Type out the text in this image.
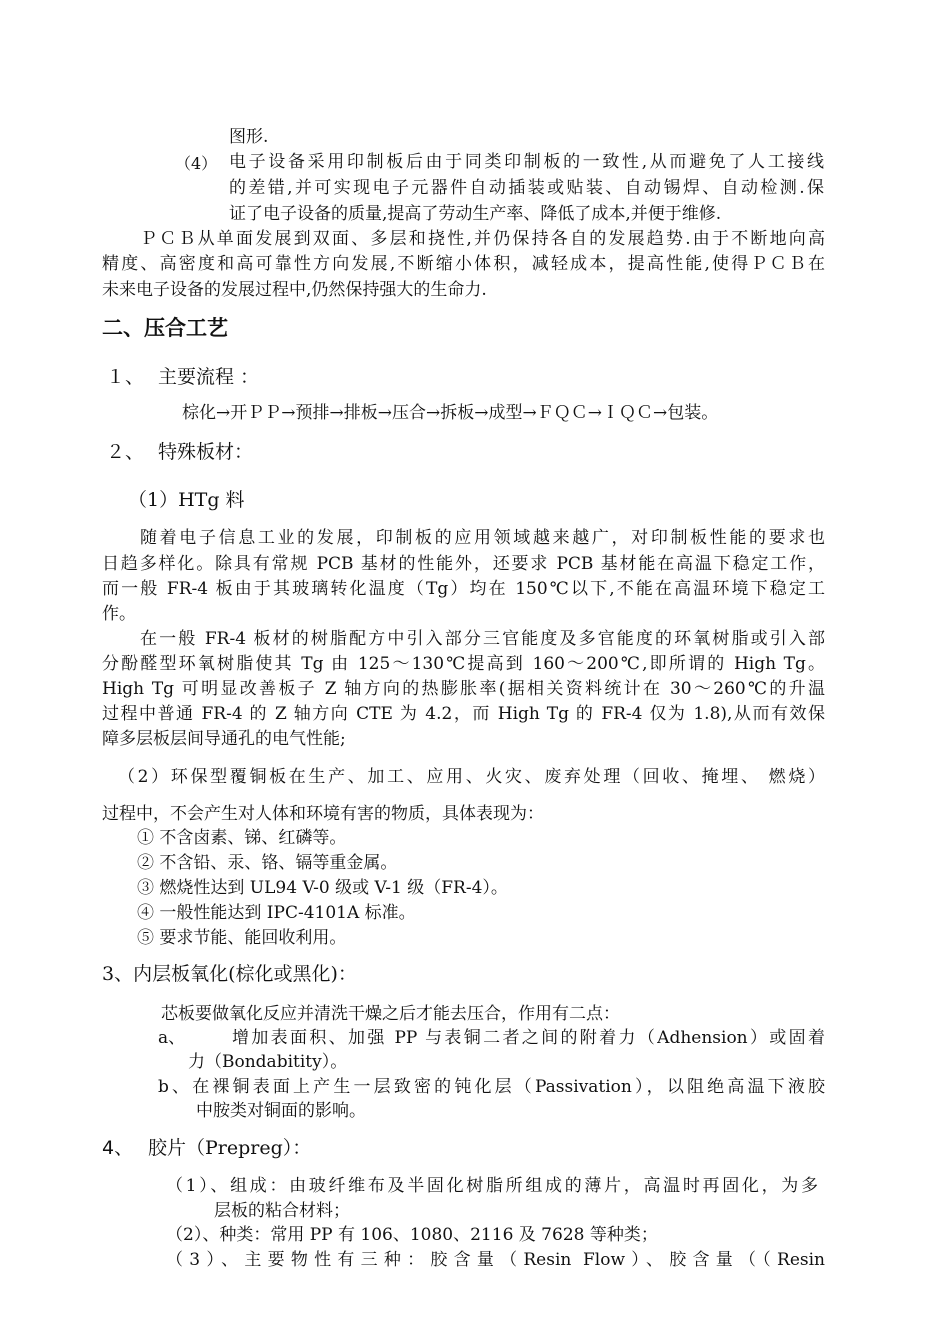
图形.
（4） 电子设备采用印制板后由于同类印制板的一致性,从而避免了人工接线
的差错,并可实现电子元器件自动插装或贴装、自动锡焊、自动检测.保
证了电子设备的质量,提高了劳动生产率、降低了成本,并便于维修.
ＰＣＢ从单面发展到双面、多层和挠性,并仍保持各自的发展趋势.由于不断地向高
精度、高密度和高可靠性方向发展,不断缩小体积，减轻成本，提高性能,使得ＰＣＢ在
未来电子设备的发展过程中,仍然保持强大的生命力.
二、压合工艺
１、 主要流程 ：
棕化→开ＰＰ→预排→排板→压合→拆板→成型→ＦＱＣ→ＩＱＣ→包装。
２、 特殊板材：
（1）HTg 料
随着电子信息工业的发展，印制板的应用领域越来越广，对印制板性能的要求也
日趋多样化。除具有常规 PCB 基材的性能外，还要求 PCB 基材能在高温下稳定工作，
而一般 FR-4 板由于其玻璃转化温度（Tg）均在 150℃以下,不能在高温环境下稳定工
作。
在一般 FR-4 板材的树脂配方中引入部分三官能度及多官能度的环氧树脂或引入部
分酚醛型环氧树脂使其 Tg 由 125～130℃提高到 160～200℃,即所谓的 High Tg。
High Tg 可明显改善板子 Z 轴方向的热膨胀率(据相关资料统计在 30～260℃的升温
过程中普通 FR-4 的 Z 轴方向 CTE 为 4.2，而 High Tg 的 FR-4 仅为 1.8),从而有效保
障多层板层间导通孔的电气性能;
（2）环保型覆铜板在生产、加工、应用、火灾、废弃处理（回收、掩埋、 燃烧）
过程中，不会产生对人体和环境有害的物质，具体表现为：
① 不含卤素、锑、红磷等。
② 不含铅、汞、铬、镉等重金属。
③ 燃烧性达到 UL94 V-0 级或 V-1 级（FR-4）。
④ 一般性能达到 IPC-4101A 标准。
⑤ 要求节能、能回收利用。
3、内层板氧化(棕化或黑化)：
芯板要做氧化反应并清洗干燥之后才能去压合，作用有二点：
a、	增加表面积、加强 PP 与表铜二者之间的附着力（Adhension）或固着
力（Bondabitity）。
b、在裸铜表面上产生一层致密的钝化层（Passivation），以阻绝高温下液胶
中胺类对铜面的影响。
4、 胶片（Prepreg）：
（1）、组成：由玻纤维布及半固化树脂所组成的薄片，高温时再固化，为多
层板的粘合材料；
（2）、种类：常用 PP 有 106、1080、2116 及 7628 等种类；
（3）、主要物性有三种：胶含量（Resin Flow）、胶含量（（Resin
